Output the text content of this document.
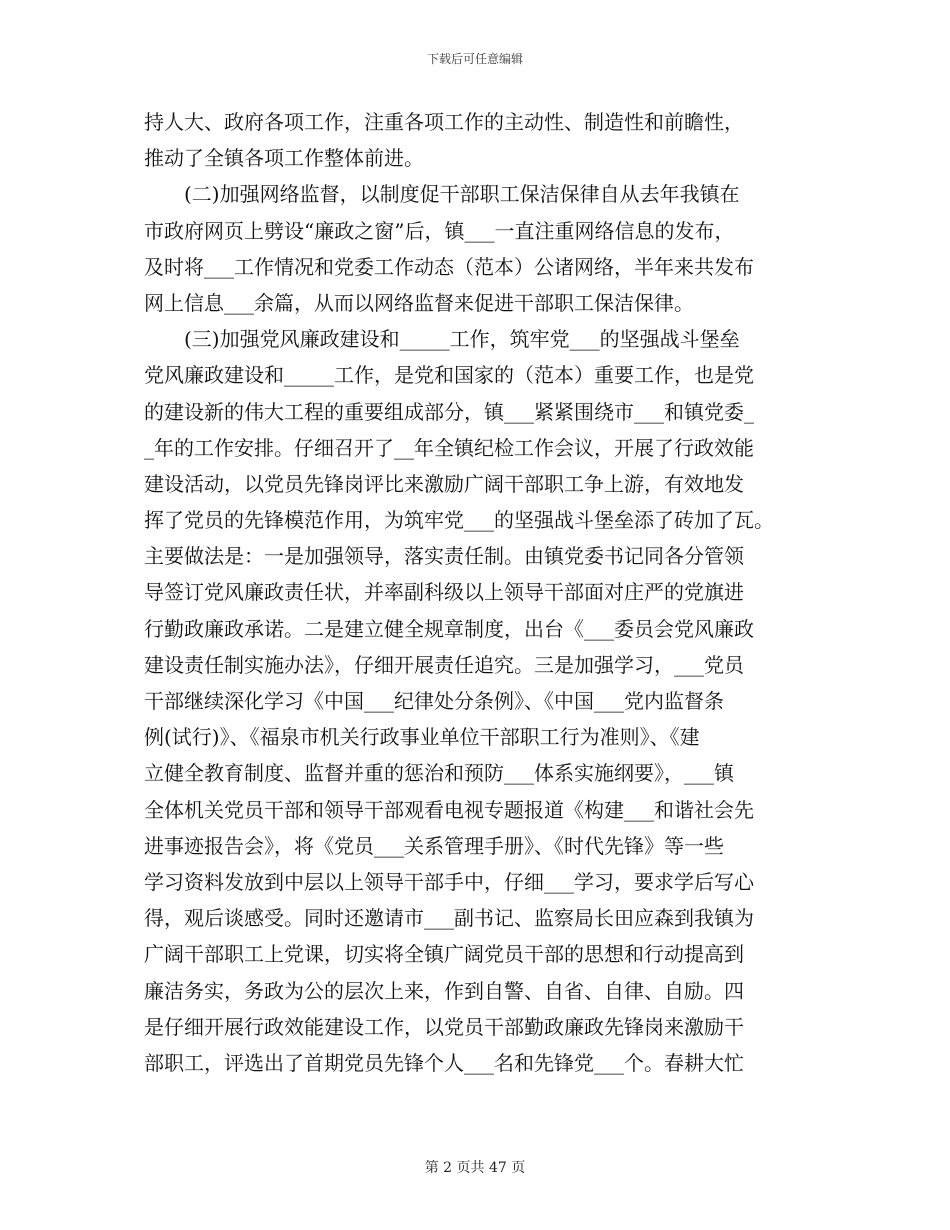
下载后可任意编辑
持人大、政府各项工作，注重各项工作的主动性、制造性和前瞻性，
推动了全镇各项工作整体前进。
　　(二)加强网络监督，以制度促干部职工保洁保律自从去年我镇在
市政府网页上劈设“廉政之窗”后，镇___一直注重网络信息的发布，
及时将___工作情况和党委工作动态（范本）公诸网络，半年来共发布
网上信息___余篇，从而以网络监督来促进干部职工保洁保律。
　　(三)加强党风廉政建设和_____工作，筑牢党___的坚强战斗堡垒
党风廉政建设和_____工作，是党和国家的（范本）重要工作，也是党
的建设新的伟大工程的重要组成部分，镇___紧紧围绕市___和镇党委_
_年的工作安排。仔细召开了__年全镇纪检工作会议，开展了行政效能
建设活动，以党员先锋岗评比来激励广阔干部职工争上游，有效地发
挥了党员的先锋模范作用，为筑牢党___的坚强战斗堡垒添了砖加了瓦。
主要做法是：一是加强领导，落实责任制。由镇党委书记同各分管领
导签订党风廉政责任状，并率副科级以上领导干部面对庄严的党旗进
行勤政廉政承诺。二是建立健全规章制度，出台《___委员会党风廉政
建设责任制实施办法》，仔细开展责任追究。三是加强学习，___党员
干部继续深化学习《中国___纪律处分条例》、《中国___党内监督条
例(试行)》、《福泉市机关行政事业单位干部职工行为准则》、《建
立健全教育制度、监督并重的惩治和预防___体系实施纲要》，___镇
全体机关党员干部和领导干部观看电视专题报道《构建___和谐社会先
进事迹报告会》，将《党员___关系管理手册》、《时代先锋》等一些
学习资料发放到中层以上领导干部手中，仔细___学习，要求学后写心
得，观后谈感受。同时还邀请市___副书记、监察局长田应森到我镇为
广阔干部职工上党课，切实将全镇广阔党员干部的思想和行动提高到
廉洁务实，务政为公的层次上来，作到自警、自省、自律、自励。四
是仔细开展行政效能建设工作，以党员干部勤政廉政先锋岗来激励干
部职工，评选出了首期党员先锋个人___名和先锋党___个。春耕大忙
第 2 页共 47 页
